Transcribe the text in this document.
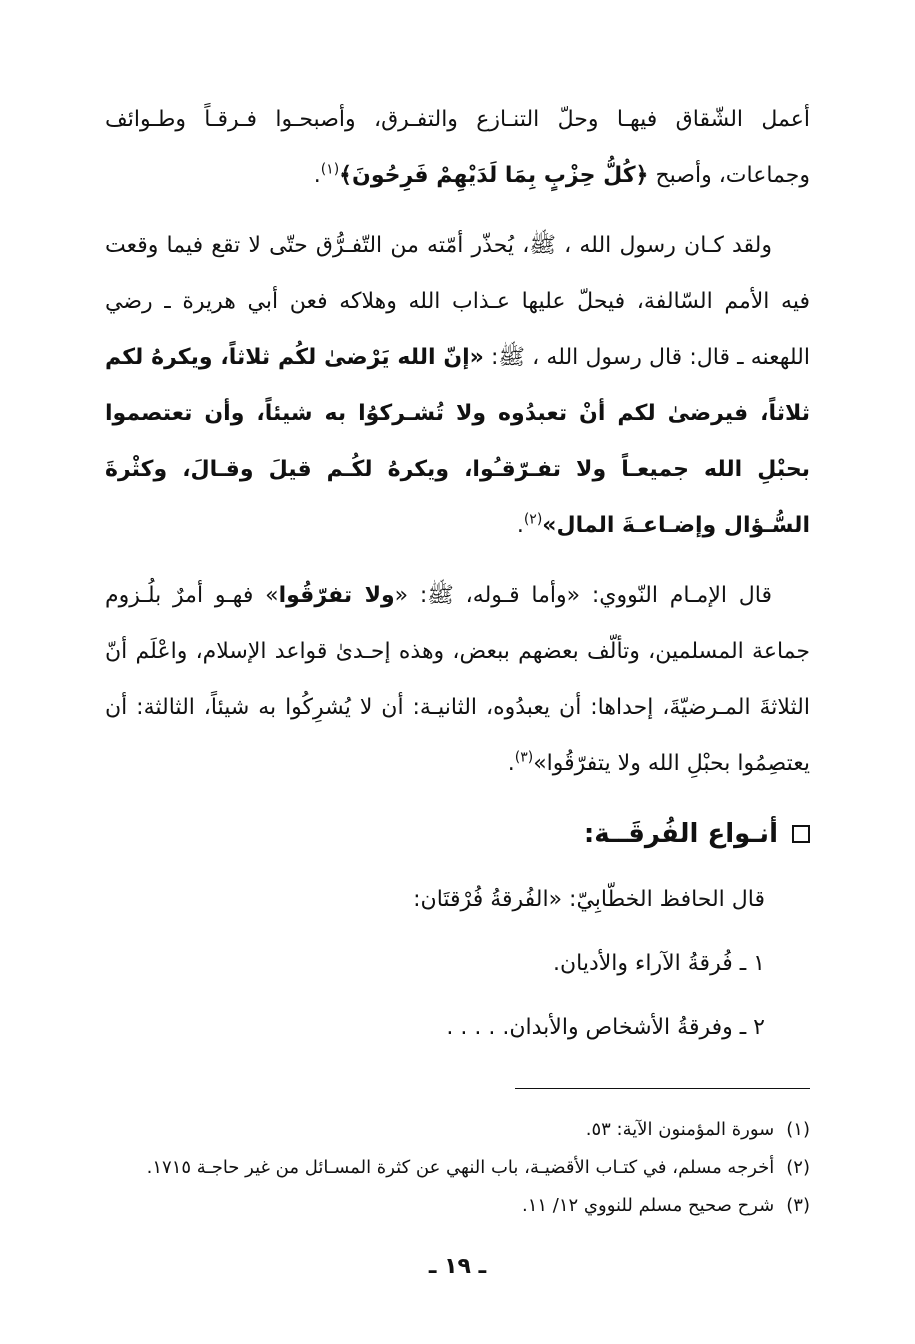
أعمل الشّقاق فيهـا وحلّ التنـازع والتفـرق، وأصبحـوا فـرقـاً وطـوائف وجماعات، وأصبح ﴿كُلُّ حِزْبٍ بِمَا لَدَيْهِمْ فَرِحُونَ﴾$^{(١)}$.

ولقد كـان رسول الله ، ﷺ، يُحذّر أمّته من التّفـرُّق حتّى لا تقع فيما وقعت فيه الأمم السّالفة، فيحلّ عليها عـذاب الله وهلاكه فعن أبي هريرة ـ رضي اللهعنه ـ قال: قال رسول الله ، ﷺ: «إنّ الله يَرْضىٰ لكُم ثلاثاً، ويكرهُ لكم ثلاثاً، فيرضىٰ لكم أنْ تعبدُوه ولا تُشـركوُا به شيئاً، وأن تعتصموا بحبْلِ الله جميعـاً ولا تفـرّقـُوا، ويكرهُ لكُـم قيلَ وقـالَ، وكثْرةَ السُّـؤال وإضـاعـةَ المال»$^{(٢)}$.

قال الإمـام النّووي: «وأما قـوله، ﷺ: «ولا تفرّقُوا» فهـو أمرٌ بلُـزوم جماعة المسلمين، وتألّف بعضهم ببعض، وهذه إحـدىٰ قواعد الإسلام، واعْلَم أنّ الثلاثةَ المـرضيّةَ، إحداها: أن يعبدُوه، الثانيـة: أن لا يُشرِكُوا به شيئاً، الثالثة: أن يعتصِمُوا بحبْلِ الله ولا يتفرّقُوا»$^{(٣)}$.

أنـواع الفُرقَــة:
قال الحافظ الخطّابِيّ: «الفُرقةُ فُرْقتَان:
١ ـ فُرقةُ الآراء والأديان.
٢ ـ وفرقةُ الأشخاص والأبدان. . . . .
(١)
سورة المؤمنون الآية: ٥٣.
(٢)
أخرجه مسلم، في كتـاب الأقضيـة، باب النهي عن كثرة المسـائل من غير حاجـة ١٧١٥.
(٣)
شرح صحيح مسلم للنووي ١٢/ ١١.
ـ ١٩ ـ
